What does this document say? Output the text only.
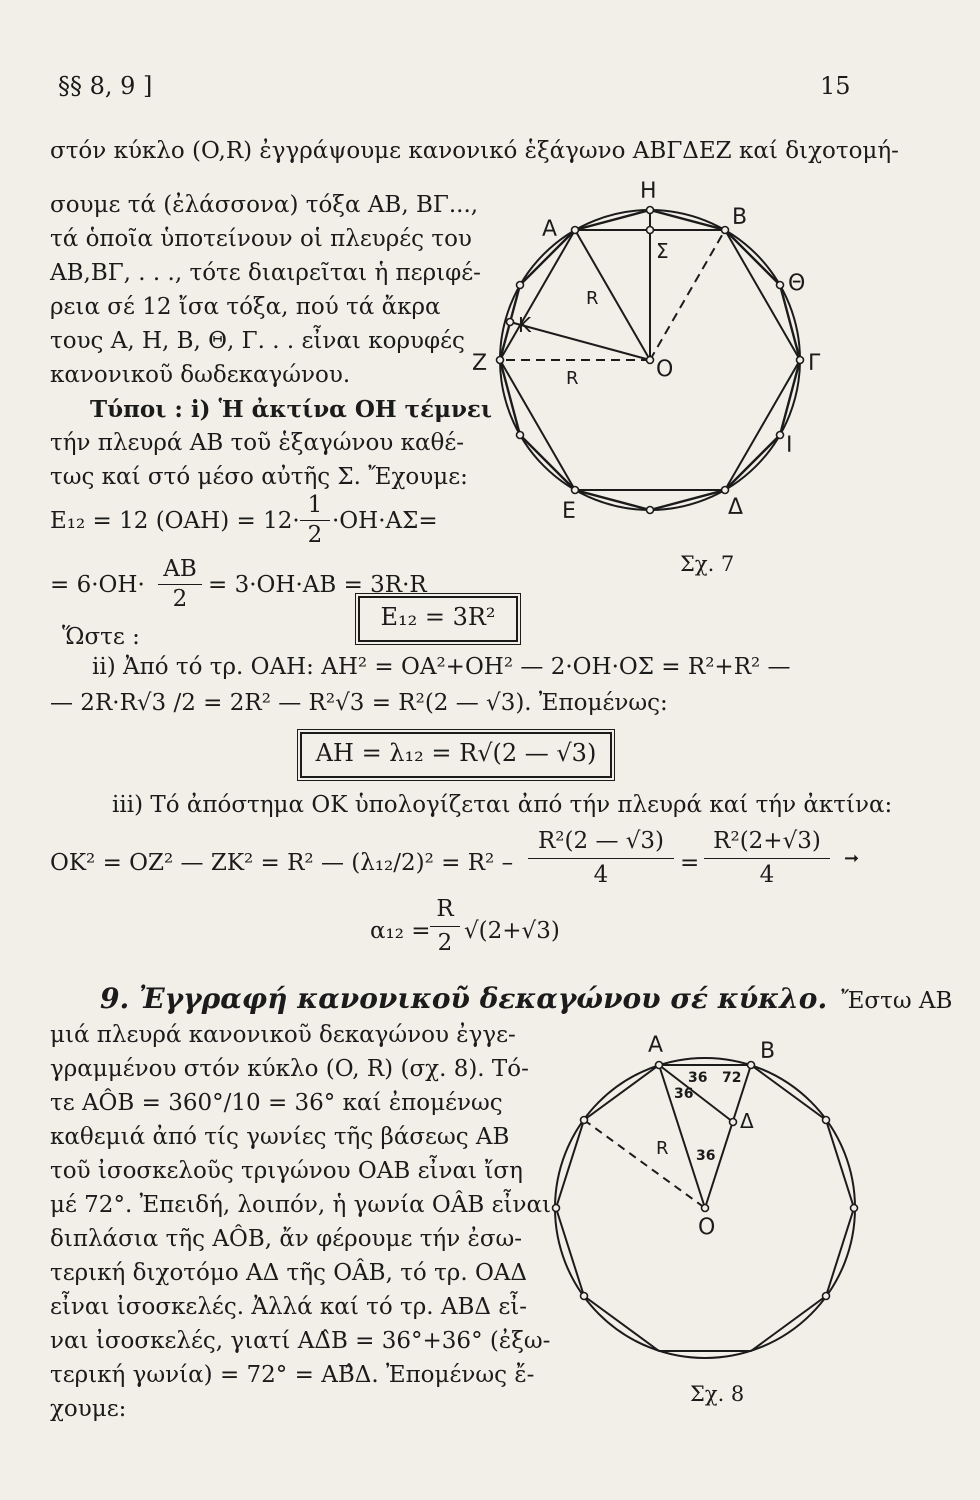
§§ 8, 9 ]	15
στόν κύκλο (O,R) ἐγγράψουμε κανονικό ἑξάγωνο ΑΒΓΔΕΖ καί διχοτομή-
σουμε τά (ἐλάσσονα) τόξα ΑΒ, ΒΓ...,
τά ὁποῖα ὑποτείνουν οἱ πλευρές του
ΑΒ,ΒΓ, . . ., τότε διαιρεῖται ἡ περιφέ-
ρεια σέ 12 ἴσα τόξα, πού τά ἄκρα
τους Α, Η, Β, Θ, Γ. . . εἶναι κορυφές
κανονικοῦ δωδεκαγώνου.
Τύποι : i) Ἡ ἀκτίνα ΟΗ τέμνει
τήν πλευρά ΑΒ τοῦ ἑξαγώνου καθέ-
τως καί στό μέσο αὐτῆς Σ. Ἔχουμε:
E₁₂ = 12 (ΟΑΗ) = 12·
1
2
·ΟΗ·ΑΣ=
= 6·ΟΗ·
ΑΒ
2
= 3·ΟΗ·ΑΒ = 3R·R
Ὥστε :
E₁₂ = 3R²
ii) Ἀπό τό τρ. ΟΑΗ: ΑΗ² = ΟΑ²+ΟΗ² — 2·ΟΗ·ΟΣ = R²+R² —
— 2R·R√3 /2 = 2R² — R²√3 = R²(2 — √3). Ἐπομένως:
ΑΗ = λ₁₂ = R√(2 — √3)
iii) Τό ἀπόστημα ΟΚ ὑπολογίζεται ἀπό τήν πλευρά καί τήν ἀκτίνα:
ΟΚ² = ΟΖ² — ΖΚ² = R² — (λ₁₂/2)² = R² –
R²(2 — √3)
4	=
R²(2+√3)
4
➞
α₁₂ =
R
2 √(2+√3)
9. Ἐγγραφή κανονικοῦ δεκαγώνου σέ κύκλο. Ἔστω ΑΒ
μιά πλευρά κανονικοῦ δεκαγώνου ἐγγε-
γραμμένου στόν κύκλο (O, R) (σχ. 8). Τό-
τε ΑÔΒ = 360°/10 = 36° καί ἐπομένως
καθεμιά ἀπό τίς γωνίες τῆς βάσεως ΑΒ
τοῦ ἰσοσκελοῦς τριγώνου ΟΑΒ εἶναι ἴση
μέ 72°. Ἐπειδή, λοιπόν, ἡ γωνία ΟÂΒ εἶναι
διπλάσια τῆς ΑÔΒ, ἄν φέρουμε τήν ἐσω-
τερική διχοτόμο ΑΔ τῆς ΟÂΒ, τό τρ. ΟΑΔ
εἶναι ἰσοσκελές. Ἀλλά καί τό τρ. ΑΒΔ εἶ-
ναι ἰσοσκελές, γιατί ΑΔ̂Β = 36°+36° (ἐξω-
τερική γωνία) = 72° = ΑΒ̂Δ. Ἐπομένως ἔ-
χουμε:
Α
Η
Β
Θ
Γ
Ι
Δ
Ε
Ζ
Κ
Ο
Σ
R
R
Σχ. 7
Α	Β
Δ
Ο
R
36
36
72
36
Σχ. 8
